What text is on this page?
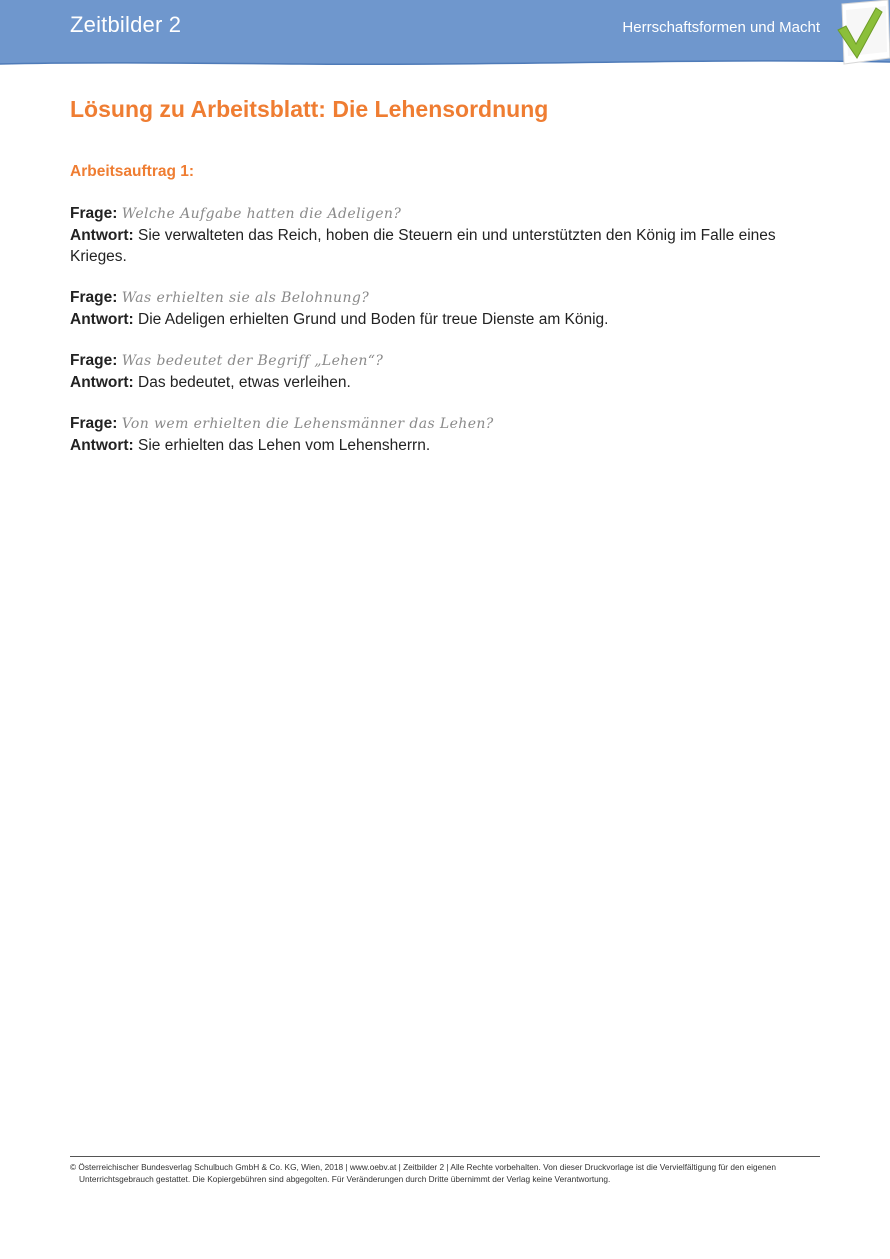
Zeitbilder 2	Herrschaftsformen und Macht
Lösung zu Arbeitsblatt: Die Lehensordnung
Arbeitsauftrag 1:
Frage: Welche Aufgabe hatten die Adeligen?
Antwort: Sie verwalteten das Reich, hoben die Steuern ein und unterstützten den König im Falle eines Krieges.
Frage: Was erhielten sie als Belohnung?
Antwort: Die Adeligen erhielten Grund und Boden für treue Dienste am König.
Frage: Was bedeutet der Begriff „Lehen“?
Antwort: Das bedeutet, etwas verleihen.
Frage: Von wem erhielten die Lehensmänner das Lehen?
Antwort: Sie erhielten das Lehen vom Lehensherrn.
© Österreichischer Bundesverlag Schulbuch GmbH & Co. KG, Wien, 2018 | www.oebv.at | Zeitbilder 2 | Alle Rechte vorbehalten. Von dieser Druckvorlage ist die Vervielfältigung für den eigenen
Unterrichtsgebrauch gestattet. Die Kopiergebühren sind abgegolten. Für Veränderungen durch Dritte übernimmt der Verlag keine Verantwortung.
